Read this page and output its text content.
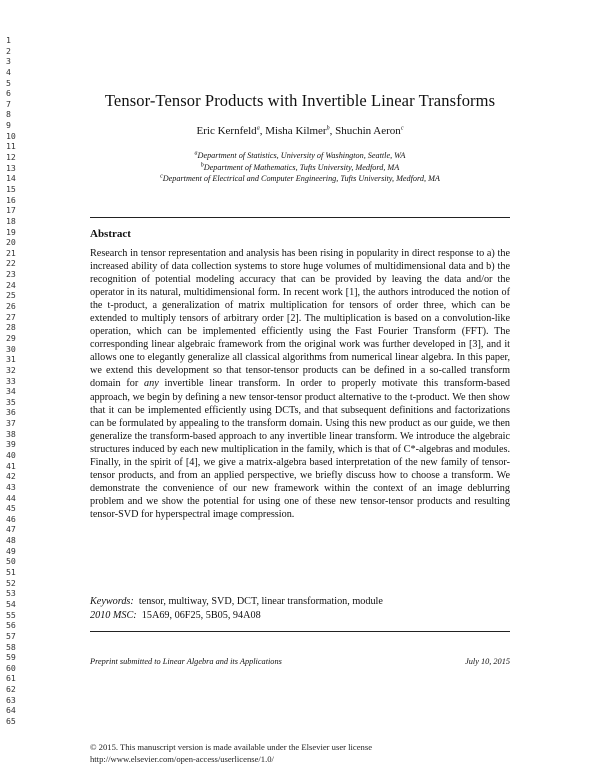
1
2
3
4
5
6
7
8
9
10
11
12
13
14
15
16
17
18
19
20
21
22
23
24
25
26
27
28
29
30
31
32
33
34
35
36
37
38
39
40
41
42
43
44
45
46
47
48
49
50
51
52
53
54
55
56
57
58
59
60
61
62
63
64
65
Tensor-Tensor Products with Invertible Linear Transforms
Eric Kernfeld$^a$, Misha Kilmer$^b$, Shuchin Aeron$^c$
$^a$Department of Statistics, University of Washington, Seattle, WA
$^b$Department of Mathematics, Tufts University, Medford, MA
$^c$Department of Electrical and Computer Engineering, Tufts University, Medford, MA
Abstract
Research in tensor representation and analysis has been rising in popularity in direct response to a) the increased ability of data collection systems to store huge volumes of multidimensional data and b) the recognition of potential modeling accuracy that can be provided by leaving the data and/or the operator in its natural, multidimensional form. In recent work [1], the authors introduced the notion of the t-product, a generalization of matrix multiplication for tensors of order three, which can be extended to multiply tensors of arbitrary order [2]. The multiplication is based on a convolution-like operation, which can be implemented efficiently using the Fast Fourier Transform (FFT). The corresponding linear algebraic framework from the original work was further developed in [3], and it allows one to elegantly generalize all classical algorithms from numerical linear algebra. In this paper, we extend this development so that tensor-tensor products can be defined in a so-called transform domain for any invertible linear transform. In order to properly motivate this transform-based approach, we begin by defining a new tensor-tensor product alternative to the t-product. We then show that it can be implemented efficiently using DCTs, and that subsequent definitions and factorizations can be formulated by appealing to the transform domain. Using this new product as our guide, we then generalize the transform-based approach to any invertible linear transform. We introduce the algebraic structures induced by each new multiplication in the family, which is that of C*-algebras and modules. Finally, in the spirit of [4], we give a matrix-algebra based interpretation of the new family of tensor-tensor products, and from an applied perspective, we briefly discuss how to choose a transform. We demonstrate the convenience of our new framework within the context of an image deblurring problem and we show the potential for using one of these new tensor-tensor products and resulting tensor-SVD for hyperspectral image compression.
Keywords: tensor, multiway, SVD, DCT, linear transformation, module
2010 MSC: 15A69, 06F25, 5B05, 94A08
Preprint submitted to Linear Algebra and its Applications	July 10, 2015
© 2015. This manuscript version is made available under the Elsevier user license
http://www.elsevier.com/open-access/userlicense/1.0/
